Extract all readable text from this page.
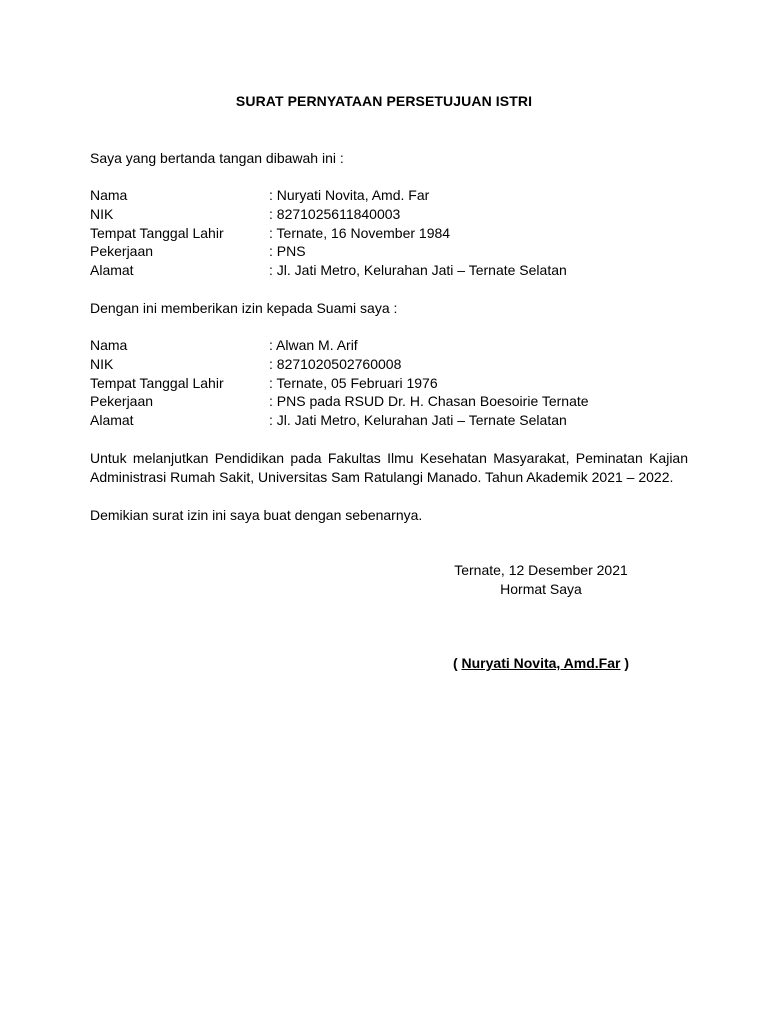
SURAT PERNYATAAN PERSETUJUAN ISTRI

Saya yang bertanda tangan dibawah ini :

Nama	: Nuryati Novita, Amd. Far
NIK	: 8271025611840003
Tempat Tanggal Lahir	: Ternate, 16 November 1984
Pekerjaan	: PNS
Alamat	: Jl. Jati Metro, Kelurahan Jati – Ternate Selatan

Dengan ini memberikan izin kepada Suami saya :

Nama	: Alwan M. Arif
NIK	: 8271020502760008
Tempat Tanggal Lahir	: Ternate, 05 Februari 1976
Pekerjaan	: PNS pada RSUD Dr. H. Chasan Boesoirie Ternate
Alamat	: Jl. Jati Metro, Kelurahan Jati – Ternate Selatan

Untuk melanjutkan Pendidikan pada Fakultas Ilmu Kesehatan Masyarakat, Peminatan Kajian Administrasi Rumah Sakit, Universitas Sam Ratulangi Manado. Tahun Akademik 2021 – 2022.

Demikian surat izin ini saya buat dengan sebenarnya.

Ternate, 12 Desember 2021
Hormat Saya
( Nuryati Novita, Amd.Far )
